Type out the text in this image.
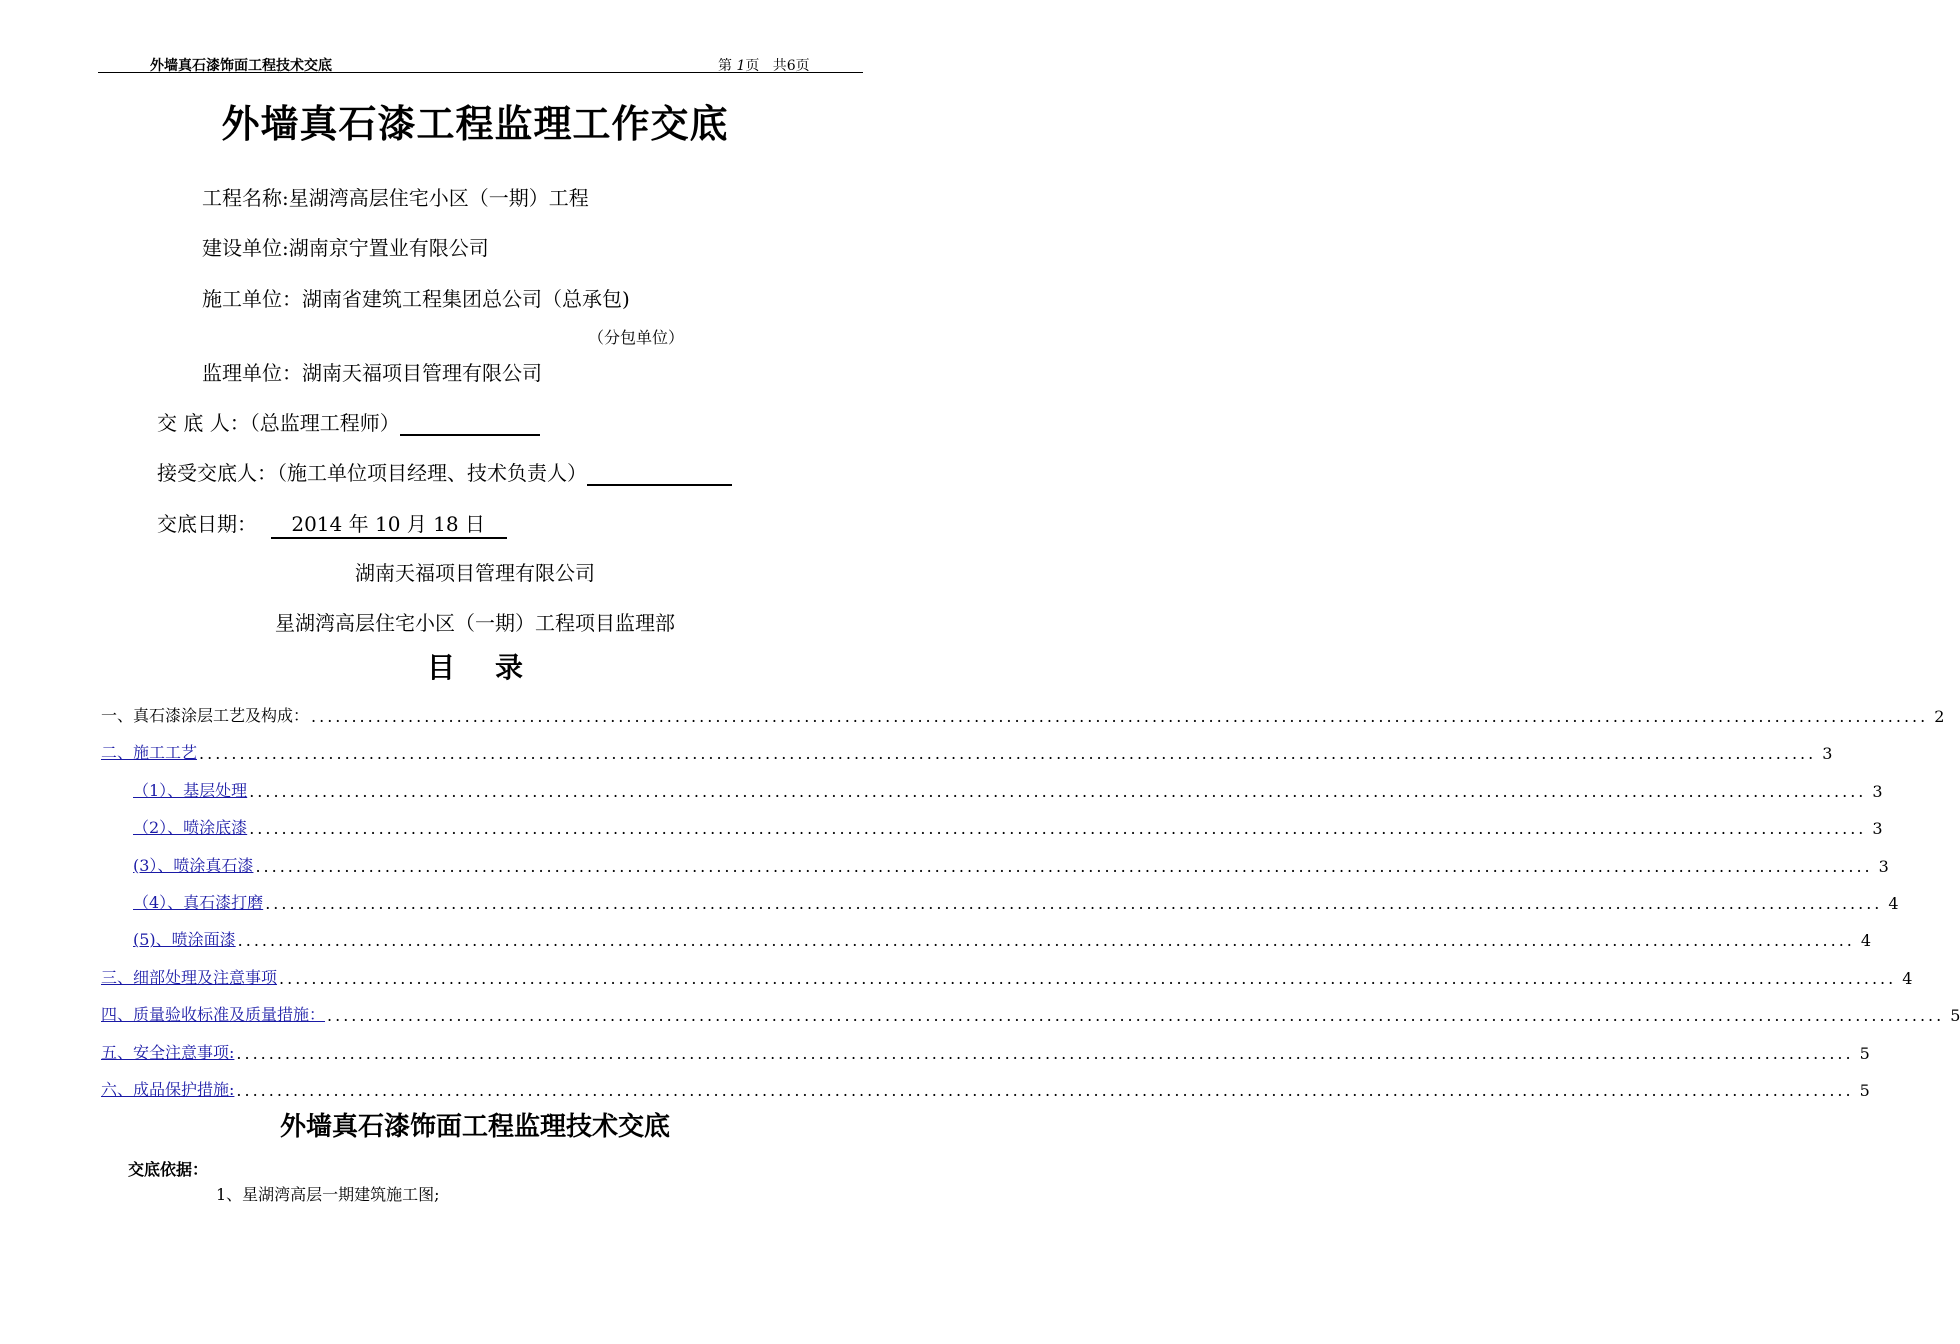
外墙真石漆饰面工程技术交底	第 1页 共6页
外墙真石漆工程监理工作交底
工程名称:星湖湾高层住宅小区（一期）工程
建设单位:湖南京宁置业有限公司
施工单位：湖南省建筑工程集团总公司（总承包)
（分包单位）
监理单位：湖南天福项目管理有限公司
交 底 人：（总监理工程师）
接受交底人：（施工单位项目经理、技术负责人）
交底日期： 2014 年 10 月 18 日
湖南天福项目管理有限公司
星湖湾高层住宅小区（一期）工程项目监理部
目录
一、真石漆涂层工艺及构成： ........................................................................................................................................................................................................ 2
二、施工工艺 ........................................................................................................................................................................................................ 3
（1）、基层处理 ........................................................................................................................................................................................................ 3
（2）、喷涂底漆 ........................................................................................................................................................................................................ 3
(3）、喷涂真石漆 ........................................................................................................................................................................................................ 3
（4）、真石漆打磨 ........................................................................................................................................................................................................ 4
(5)、喷涂面漆 ........................................................................................................................................................................................................ 4
三、细部处理及注意事项 ........................................................................................................................................................................................................ 4
四、质量验收标准及质量措施： ........................................................................................................................................................................................................ 5
五、安全注意事项: ........................................................................................................................................................................................................ 5
六、成品保护措施: ........................................................................................................................................................................................................ 5
外墙真石漆饰面工程监理技术交底
交底依据：
1、星湖湾高层一期建筑施工图;
